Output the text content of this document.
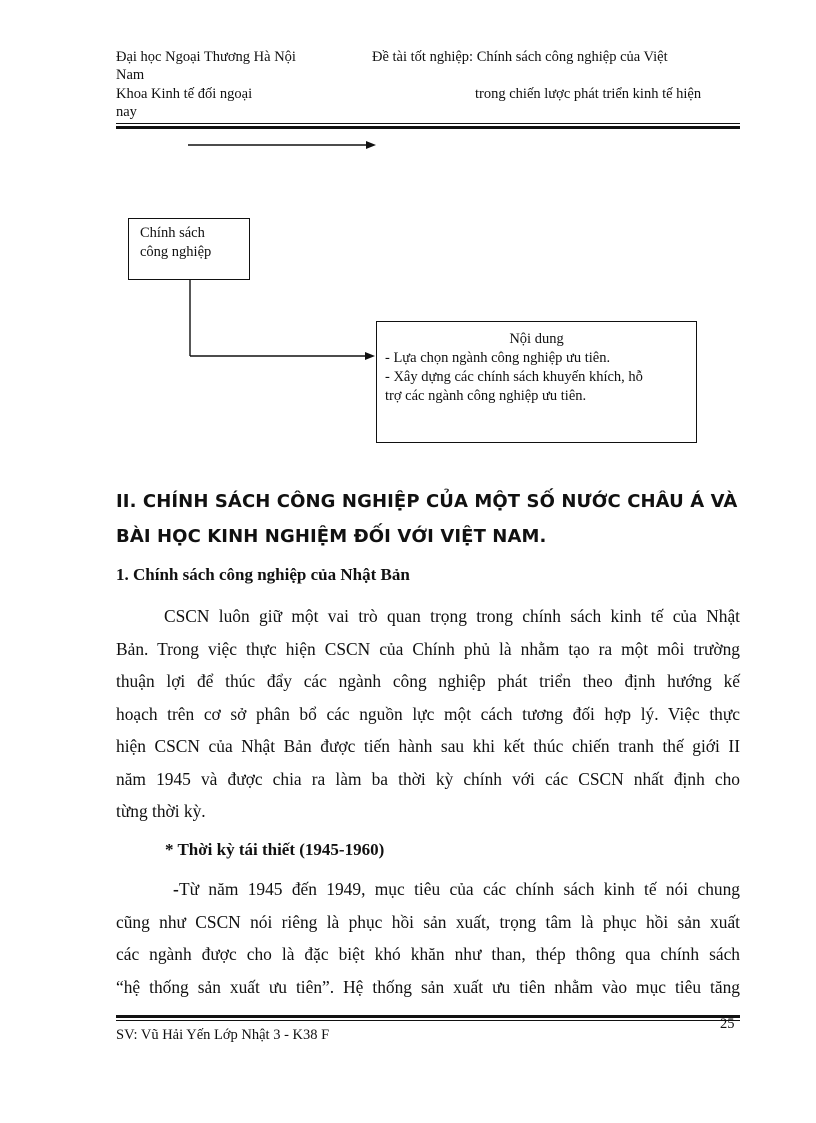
Đại học Ngoại Thương Hà Nội	Đề tài tốt nghiệp: Chính sách công nghiệp của Việt
Nam
Khoa Kinh tế đối ngoại	trong chiến lược phát triển kinh tế hiện
nay
Chính sách
công nghiệp
Nội dung
- Lựa chọn ngành công nghiệp ưu tiên.
- Xây dựng các chính sách khuyến khích, hỗ
trợ các ngành công nghiệp ưu tiên.
II. CHÍNH SÁCH CÔNG NGHIỆP CỦA MỘT SỐ NƯỚC CHÂU Á VÀ
BÀI HỌC KINH NGHIỆM ĐỐI VỚI VIỆT NAM.
1. Chính sách công nghiệp của Nhật Bản
CSCN luôn giữ một vai trò quan trọng trong chính sách kinh tế của Nhật
Bản. Trong việc thực hiện CSCN của Chính phủ là nhằm tạo ra một môi trường
thuận lợi để thúc đẩy các ngành công nghiệp phát triển theo định hướng kế
hoạch trên cơ sở phân bổ các nguồn lực một cách tương đối hợp lý. Việc thực
hiện CSCN của Nhật Bản được tiến hành sau khi kết thúc chiến tranh thế giới II
năm 1945 và được chia ra làm ba thời kỳ chính với các CSCN nhất định cho
từng thời kỳ.
* Thời kỳ tái thiết (1945-1960)
- Từ năm 1945 đến 1949, mục tiêu của các chính sách kinh tế nói chung
cũng như CSCN nói riêng là phục hồi sản xuất, trọng tâm là phục hồi sản xuất
các ngành được cho là đặc biệt khó khăn như than, thép thông qua chính sách
“hệ thống sản xuất ưu tiên”. Hệ thống sản xuất ưu tiên nhằm vào mục tiêu tăng
SV: Vũ Hải Yến Lớp Nhật 3 - K38 F
25
